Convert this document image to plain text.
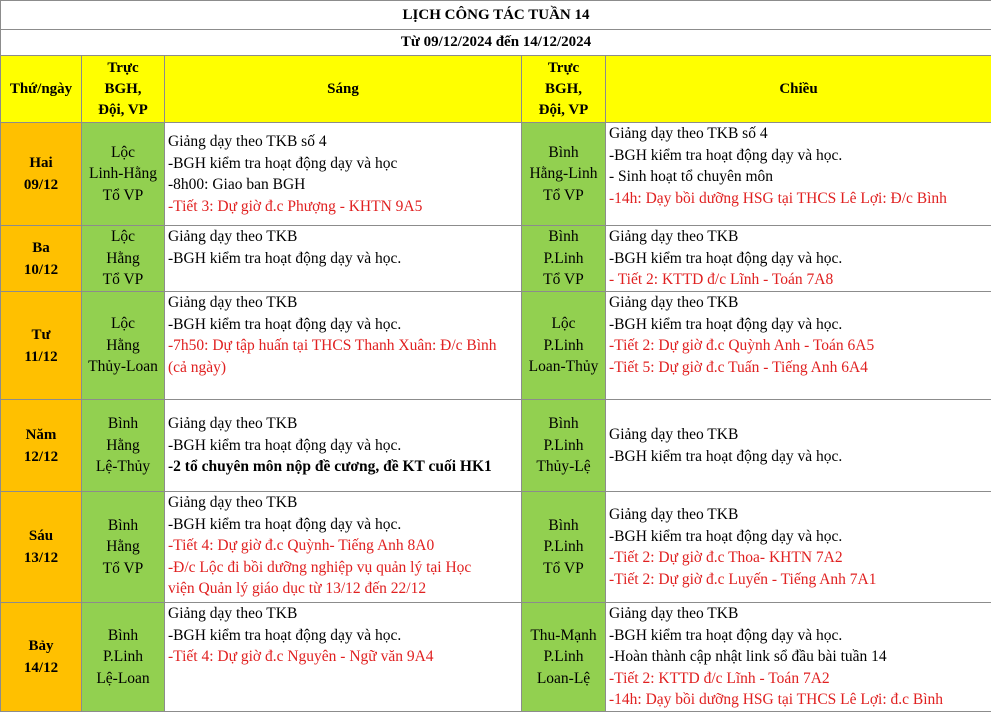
LỊCH CÔNG TÁC TUẦN 14				
Từ 09/12/2024 đến 14/12/2024				
Thứ/ngày	Trực
BGH,
Đội, VP	Sáng	Trực
BGH,
Đội, VP	Chiều

Hai
09/12	Lộc
Linh-Hằng
Tổ VP	Giảng dạy theo TKB số 4
-BGH kiểm tra hoạt động dạy và học
-8h00: Giao ban BGH
-Tiết 3: Dự giờ đ.c Phượng - KHTN 9A5	Bình
Hằng-Linh
Tổ VP	Giảng dạy theo TKB số 4
-BGH kiểm tra hoạt động dạy và học.
- Sinh hoạt tổ chuyên môn
-14h: Dạy bồi dưỡng HSG tại THCS Lê Lợi: Đ/c Bình

Ba
10/12	Lộc
Hằng
Tổ VP	Giảng dạy theo TKB
-BGH kiểm tra hoạt động dạy và học.	Bình
P.Linh
Tổ VP	Giảng dạy theo TKB
-BGH kiểm tra hoạt động dạy và học.
- Tiết 2: KTTD đ/c Lĩnh - Toán 7A8

Tư
11/12	Lộc
Hằng
Thủy-Loan	Giảng dạy theo TKB
-BGH kiểm tra hoạt động dạy và học.
-7h50: Dự tập huấn tại THCS Thanh Xuân: Đ/c Bình
(cả ngày)	Lộc
P.Linh
Loan-Thủy	Giảng dạy theo TKB
-BGH kiểm tra hoạt động dạy và học.
-Tiết 2: Dự giờ đ.c Quỳnh Anh - Toán 6A5
-Tiết 5: Dự giờ đ.c Tuấn - Tiếng Anh 6A4

Năm
12/12	Bình
Hằng
Lệ-Thủy	Giảng dạy theo TKB
-BGH kiểm tra hoạt động dạy và học.
-2 tổ chuyên môn nộp đề cương, đề KT cuối HK1	Bình
P.Linh
Thủy-Lệ	Giảng dạy theo TKB
-BGH kiểm tra hoạt động dạy và học.

Sáu
13/12	Bình
Hằng
Tổ VP	Giảng dạy theo TKB
-BGH kiểm tra hoạt động dạy và học.
-Tiết 4: Dự giờ đ.c Quỳnh- Tiếng Anh 8A0
-Đ/c Lộc đi bồi dưỡng nghiệp vụ quản lý tại Học
viện Quản lý giáo dục từ 13/12 đến 22/12	Bình
P.Linh
Tổ VP	Giảng dạy theo TKB
-BGH kiểm tra hoạt động dạy và học.
-Tiết 2: Dự giờ đ.c Thoa- KHTN 7A2
-Tiết 2: Dự giờ đ.c Luyến - Tiếng Anh 7A1

Bảy
14/12	Bình
P.Linh
Lệ-Loan	Giảng dạy theo TKB
-BGH kiểm tra hoạt động dạy và học.
-Tiết 4: Dự giờ đ.c Nguyên - Ngữ văn 9A4	Thu-Mạnh
P.Linh
Loan-Lệ	Giảng dạy theo TKB
-BGH kiểm tra hoạt động dạy và học.
-Hoàn thành cập nhật link sổ đầu bài tuần 14
-Tiết 2: KTTD đ/c Lĩnh - Toán 7A2
-14h: Dạy bồi dưỡng HSG tại THCS Lê Lợi: đ.c Bình
